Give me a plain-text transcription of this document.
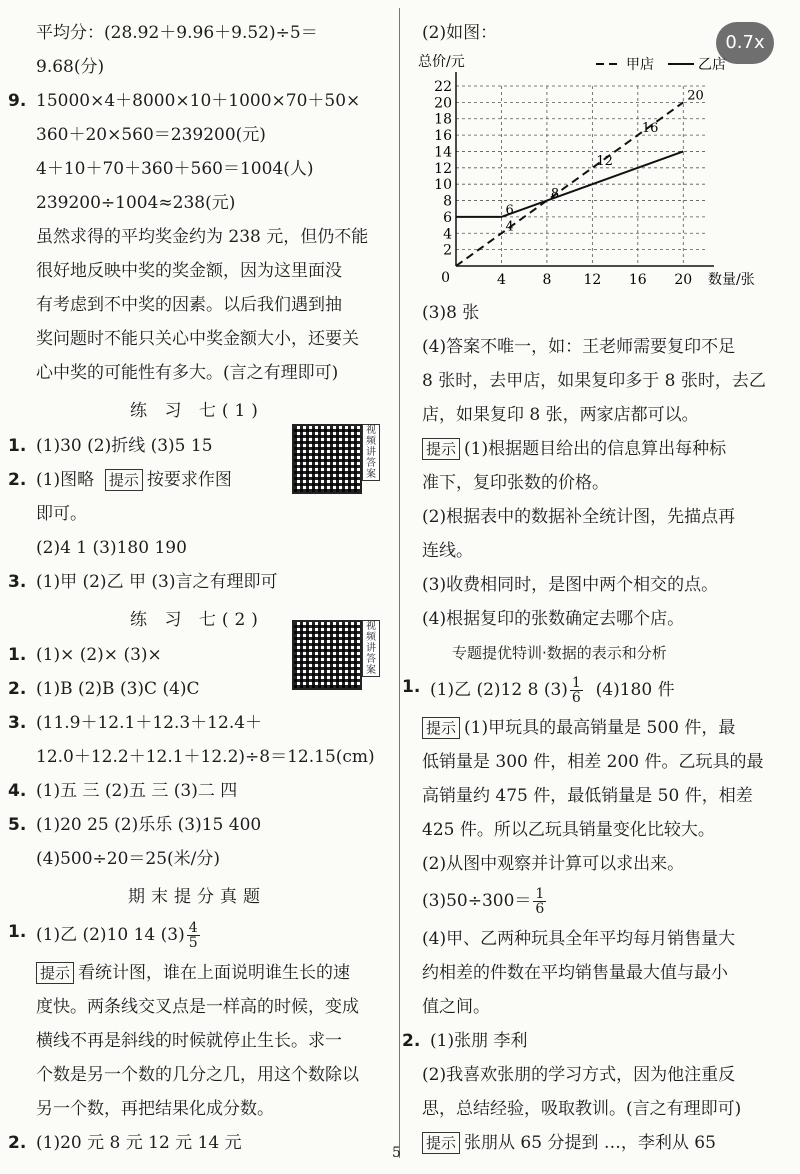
0.7x
平均分：(28.92＋9.96＋9.52)÷5＝
9.68(分)
9. 15000×4＋8000×10＋1000×70＋50×
360＋20×560＝239200(元)
4＋10＋70＋360＋560＝1004(人)
239200÷1004≈238(元)
虽然求得的平均奖金约为 238 元，但仍不能
很好地反映中奖的奖金额，因为这里面没
有考虑到不中奖的因素。以后我们遇到抽
奖问题时不能只关心中奖金额大小，还要关
心中奖的可能性有多大。(言之有理即可)
练 习 七(1)
1. (1)30 (2)折线 (3)5 15
2. (1)图略 提示 按要求作图
即可。
(2)4 1 (3)180 190
3. (1)甲 (2)乙 甲 (3)言之有理即可
练 习 七(2)
1. (1)× (2)× (3)×
2. (1)B (2)B (3)C (4)C
3. (11.9＋12.1＋12.3＋12.4＋
12.0＋12.2＋12.1＋12.2)÷8＝12.15(cm)
4. (1)五 三 (2)五 三 (3)二 四
5. (1)20 25 (2)乐乐 (3)15 400
(4)500÷20＝25(米/分)
期末提分真题
1. (1)乙 (2)10 14 $(3) \frac{4}{5}$
提示 看统计图，谁在上面说明谁生长的速
度快。两条线交叉点是一样高的时候，变成
横线不再是斜线的时候就停止生长。求一
个数是另一个数的几分之几，用这个数除以
另一个数，再把结果化成分数。
2. (1)20 元 8 元 12 元 14 元
视频讲答案
视频讲答案
(2)如图：
2
4
6
8
10
12
14
16
18
20
22
4	8 12 16 20
0
总价/元
数量/张
甲店	乙店
4
6
8
12
16
20
(3)8 张
(4)答案不唯一，如：王老师需要复印不足
8 张时，去甲店，如果复印多于 8 张时，去乙
店，如果复印 8 张，两家店都可以。
提示 (1)根据题目给出的信息算出每种标
准下，复印张数的价格。
(2)根据表中的数据补全统计图，先描点再
连线。
(3)收费相同时，是图中两个相交的点。
(4)根据复印的张数确定去哪个店。
专题提优特训·数据的表示和分析
1. (1)乙 (2)12 8 $(3) \frac{1}{6} (4)180$ 件
提示 (1)甲玩具的最高销量是 500 件，最
低销量是 300 件，相差 200 件。乙玩具的最
高销量约 475 件，最低销量是 50 件，相差
425 件。所以乙玩具销量变化比较大。
(2)从图中观察并计算可以求出来。
$(3)50\div 300= \frac{1}{6}$
(4)甲、乙两种玩具全年平均每月销售量大
约相差的件数在平均销售量最大值与最小
值之间。
2. (1)张朋 李利
(2)我喜欢张朋的学习方式，因为他注重反
思，总结经验，吸取教训。(言之有理即可)
提示 张朋从 65 分提到 …，李利从 65
5
